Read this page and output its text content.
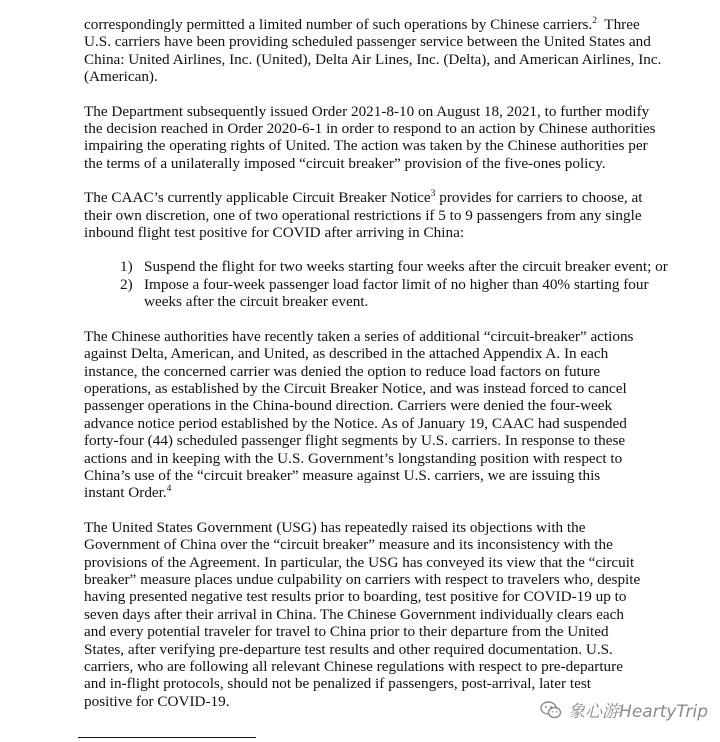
correspondingly permitted a limited number of such operations by Chinese carriers.$^2$  Three
U.S. carriers have been providing scheduled passenger service between the United States and
China: United Airlines, Inc. (United), Delta Air Lines, Inc. (Delta), and American Airlines, Inc.
(American).
The Department subsequently issued Order 2021-8-10 on August 18, 2021, to further modify
the decision reached in Order 2020-6-1 in order to respond to an action by Chinese authorities
impairing the operating rights of United. The action was taken by the Chinese authorities per
the terms of a unilaterally imposed “circuit breaker” provision of the five-ones policy.
The CAAC’s currently applicable Circuit Breaker Notice$^3$ provides for carriers to choose, at
their own discretion, one of two operational restrictions if 5 to 9 passengers from any single
inbound flight test positive for COVID after arriving in China:
1) Suspend the flight for two weeks starting four weeks after the circuit breaker event; or
2) Impose a four-week passenger load factor limit of no higher than 40% starting four
weeks after the circuit breaker event.
The Chinese authorities have recently taken a series of additional “circuit-breaker” actions
against Delta, American, and United, as described in the attached Appendix A. In each
instance, the concerned carrier was denied the option to reduce load factors on future
operations, as established by the Circuit Breaker Notice, and was instead forced to cancel
passenger operations in the China-bound direction. Carriers were denied the four-week
advance notice period established by the Notice. As of January 19, CAAC had suspended
forty-four (44) scheduled passenger flight segments by U.S. carriers. In response to these
actions and in keeping with the U.S. Government’s longstanding position with respect to
China’s use of the “circuit breaker” measure against U.S. carriers, we are issuing this
instant Order.$^4$
The United States Government (USG) has repeatedly raised its objections with the
Government of China over the “circuit breaker” measure and its inconsistency with the
provisions of the Agreement. In particular, the USG has conveyed its view that the “circuit
breaker” measure places undue culpability on carriers with respect to travelers who, despite
having presented negative test results prior to boarding, test positive for COVID-19 up to
seven days after their arrival in China. The Chinese Government individually clears each
and every potential traveler for travel to China prior to their departure from the United
States, after verifying pre-departure test results and other required documentation. U.S.
carriers, who are following all relevant Chinese regulations with respect to pre-departure
and in-flight protocols, should not be penalized if passengers, post-arrival, later test
positive for COVID-19.
象心游HeartyTrip
